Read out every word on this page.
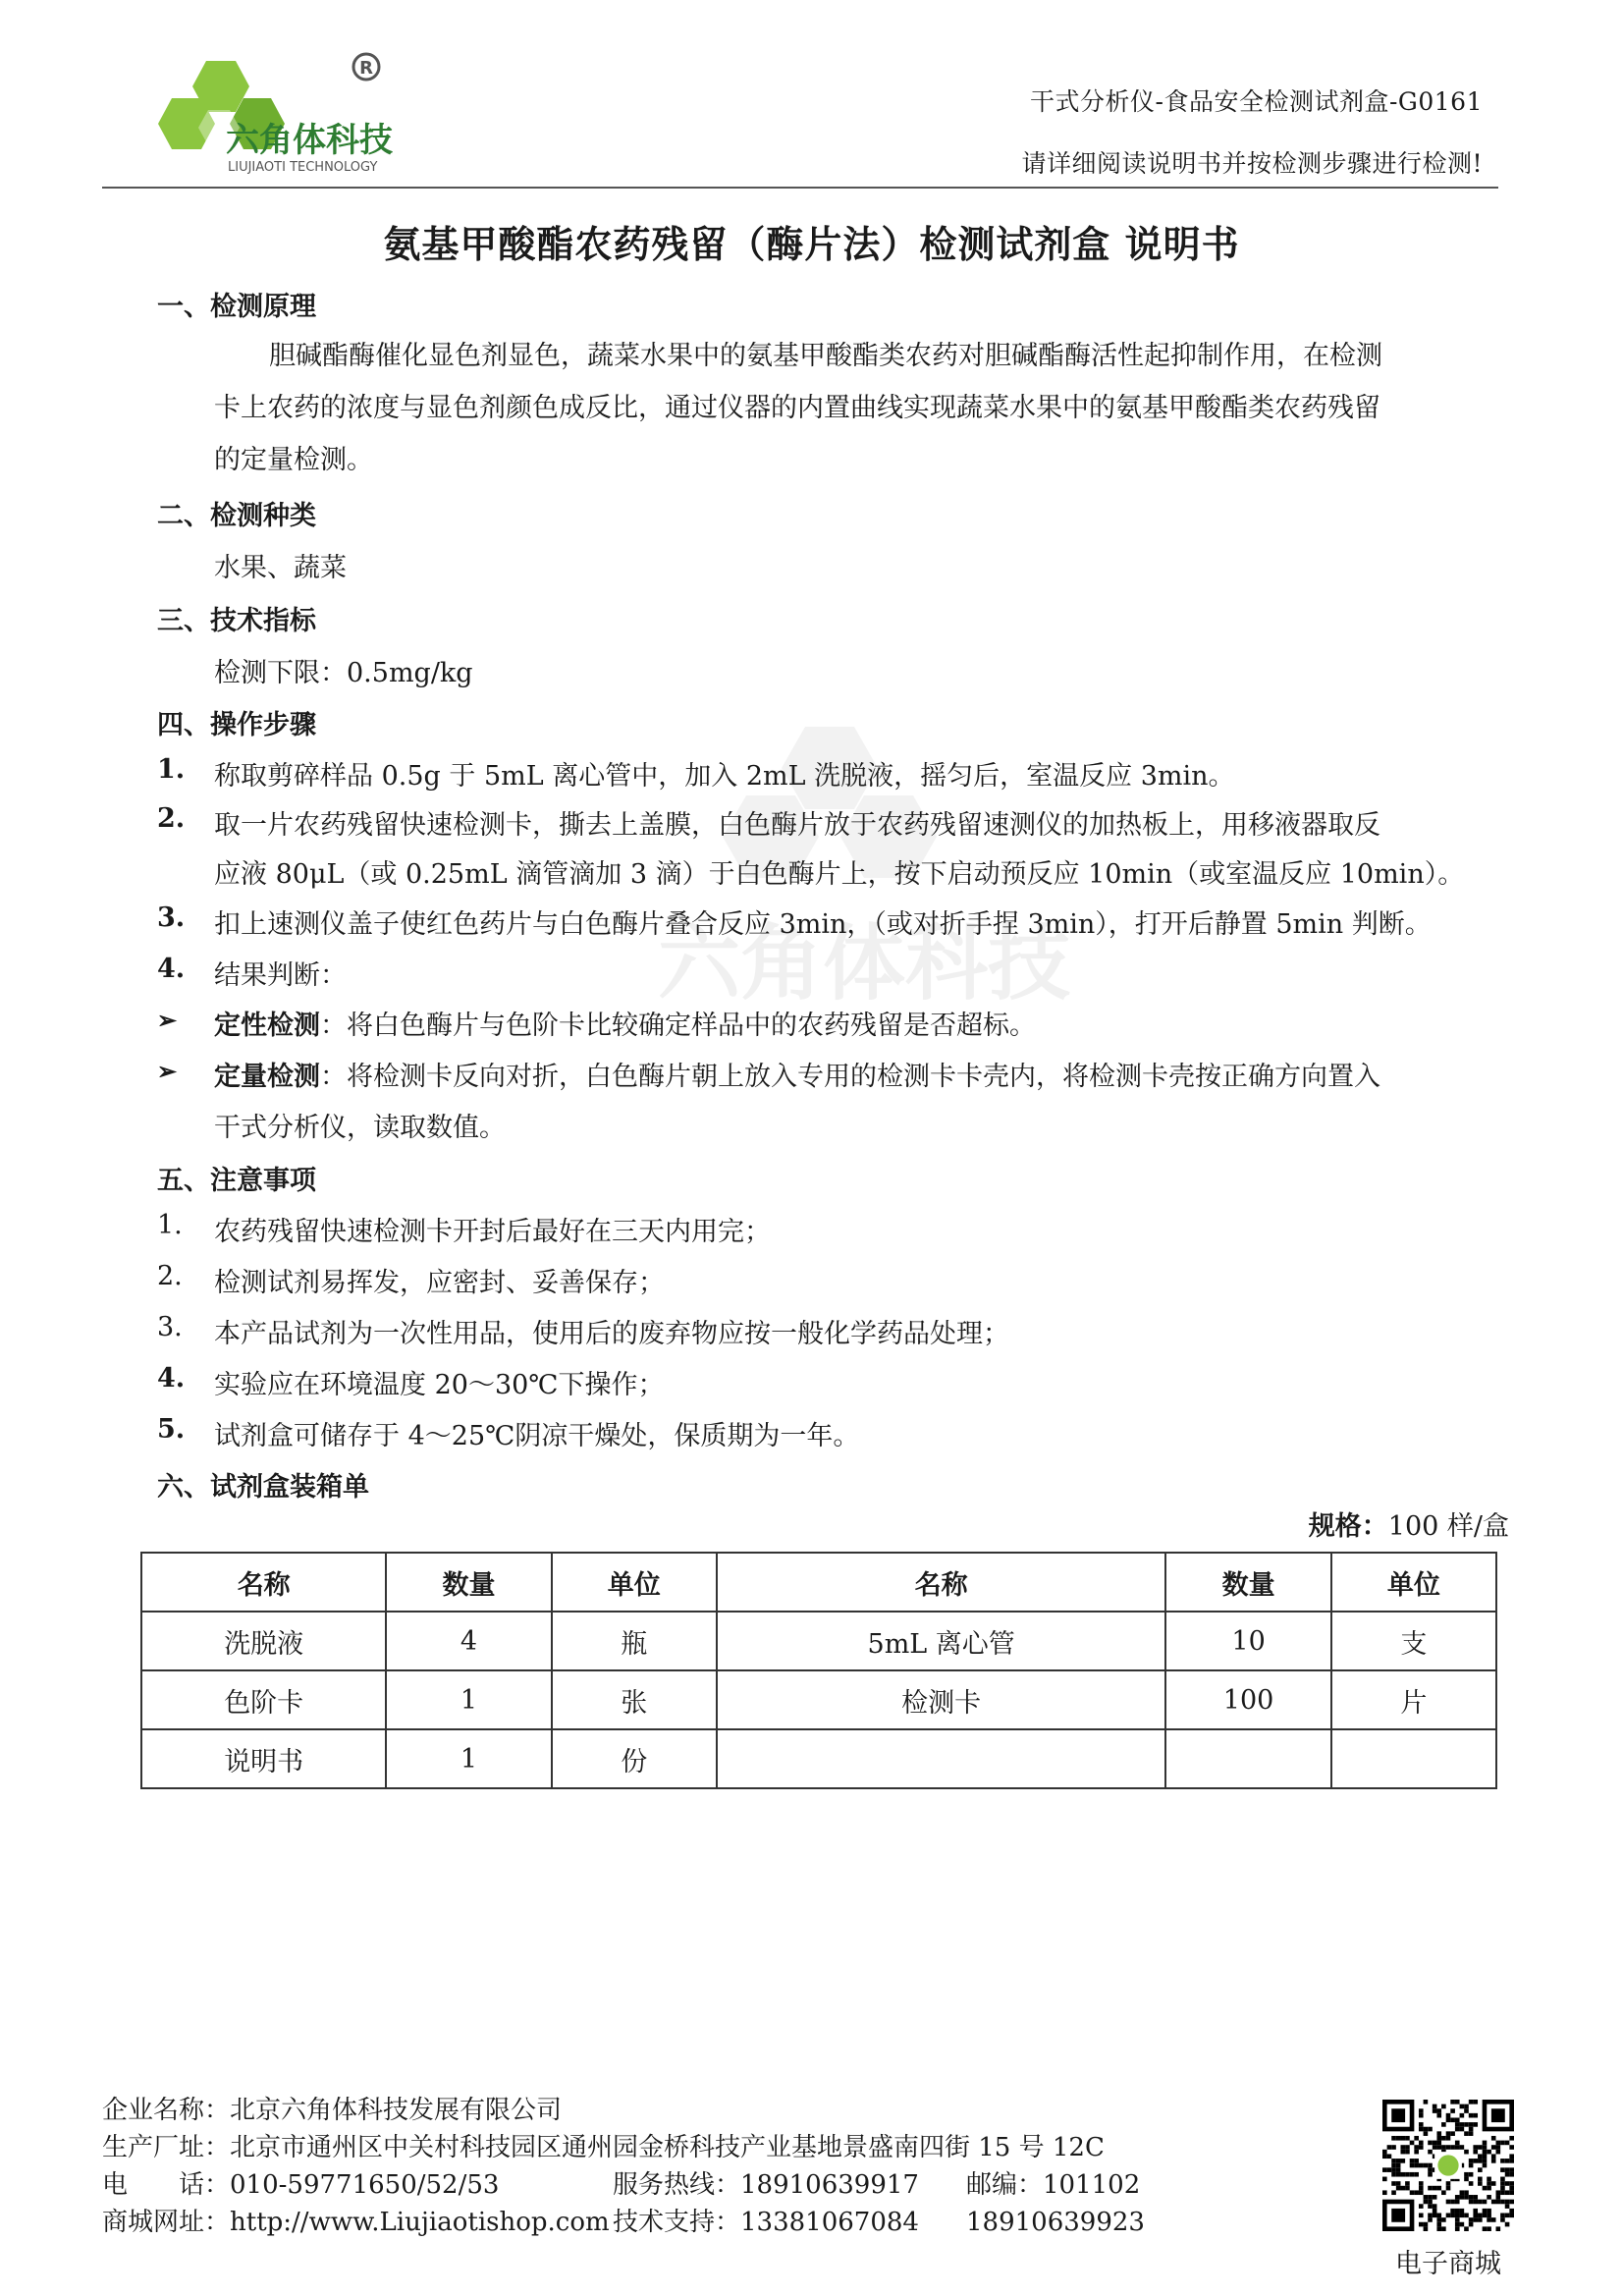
R
六角体科技
LIUJIAOTI TECHNOLOGY
六角体科技
干式分析仪-食品安全检测试剂盒-G0161
请详细阅读说明书并按检测步骤进行检测!
氨基甲酸酯农药残留（酶片法）检测试剂盒 说明书
一、检测原理
胆碱酯酶催化显色剂显色，蔬菜水果中的氨基甲酸酯类农药对胆碱酯酶活性起抑制作用，在检测
卡上农药的浓度与显色剂颜色成反比，通过仪器的内置曲线实现蔬菜水果中的氨基甲酸酯类农药残留
的定量检测。
二、检测种类
水果、蔬菜
三、技术指标
检测下限：0.5mg/kg
四、操作步骤
1. 称取剪碎样品 0.5g 于 5mL 离心管中，加入 2mL 洗脱液，摇匀后，室温反应 3min。
2. 取一片农药残留快速检测卡，撕去上盖膜，白色酶片放于农药残留速测仪的加热板上，用移液器取反
应液 80μL（或 0.25mL 滴管滴加 3 滴）于白色酶片上，按下启动预反应 10min（或室温反应 10min）。
3. 扣上速测仪盖子使红色药片与白色酶片叠合反应 3min，（或对折手捏 3min），打开后静置 5min 判断。
4. 结果判断：
➢ 定性检测：将白色酶片与色阶卡比较确定样品中的农药残留是否超标。
➢ 定量检测：将检测卡反向对折，白色酶片朝上放入专用的检测卡卡壳内，将检测卡壳按正确方向置入
干式分析仪，读取数值。
五、注意事项
1. 农药残留快速检测卡开封后最好在三天内用完；
2. 检测试剂易挥发，应密封、妥善保存；
3. 本产品试剂为一次性用品，使用后的废弃物应按一般化学药品处理；
4. 实验应在环境温度 20～30℃下操作；
5. 试剂盒可储存于 4～25℃阴凉干燥处，保质期为一年。
六、试剂盒装箱单
规格：100 样/盒
名称	数量	单位	名称	数量	单位
洗脱液	4	瓶	5mL 离心管	10	支
色阶卡	1	张	检测卡	100	片
说明书	1	份			
企业名称：北京六角体科技发展有限公司
生产厂址：北京市通州区中关村科技园区通州园金桥科技产业基地景盛南四街 15 号 12C
电　　话：010-59771650/52/53	服务热线：18910639917 邮编：101102
商城网址：http://www.Liujiaotishop.com 技术支持：13381067084 18910639923
电子商城
